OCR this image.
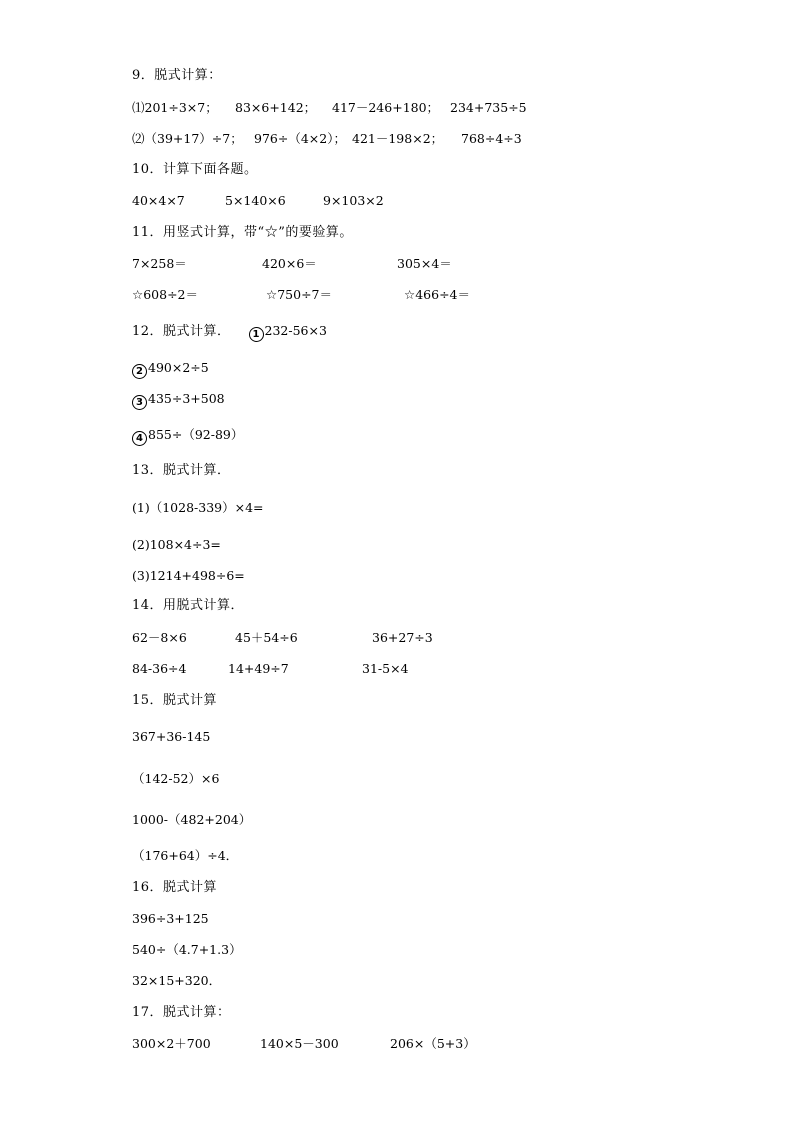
9．脱式计算：
⑴201÷3×7； 83×6+142； 417－246+180； 234+735÷5
⑵（39+17）÷7； 976÷（4×2）； 421－198×2； 768÷4÷3
10．计算下面各题。
40×4×7	5×140×6	9×103×2
11．用竖式计算，带“☆”的要验算。
7×258＝	420×6＝	305×4＝
☆608÷2＝	☆750÷7＝	☆466÷4＝
12．脱式计算． 1 232-56×3
2 490×2÷5
3 435÷3+508
4 855÷（92-89）
13．脱式计算．
(1)（1028-339）×4=
(2)108×4÷3=
(3)1214+498÷6=
14．用脱式计算．
62－8×6	45＋54÷6	36+27÷3
84-36÷4	14+49÷7	31-5×4
15．脱式计算
367+36-145
（142-52）×6
1000-（482+204）
（176+64）÷4．
16．脱式计算
396÷3+125
540÷（4.7+1.3）
32×15+320．
17．脱式计算：
300×2＋700	140×5－300	206×（5+3）
